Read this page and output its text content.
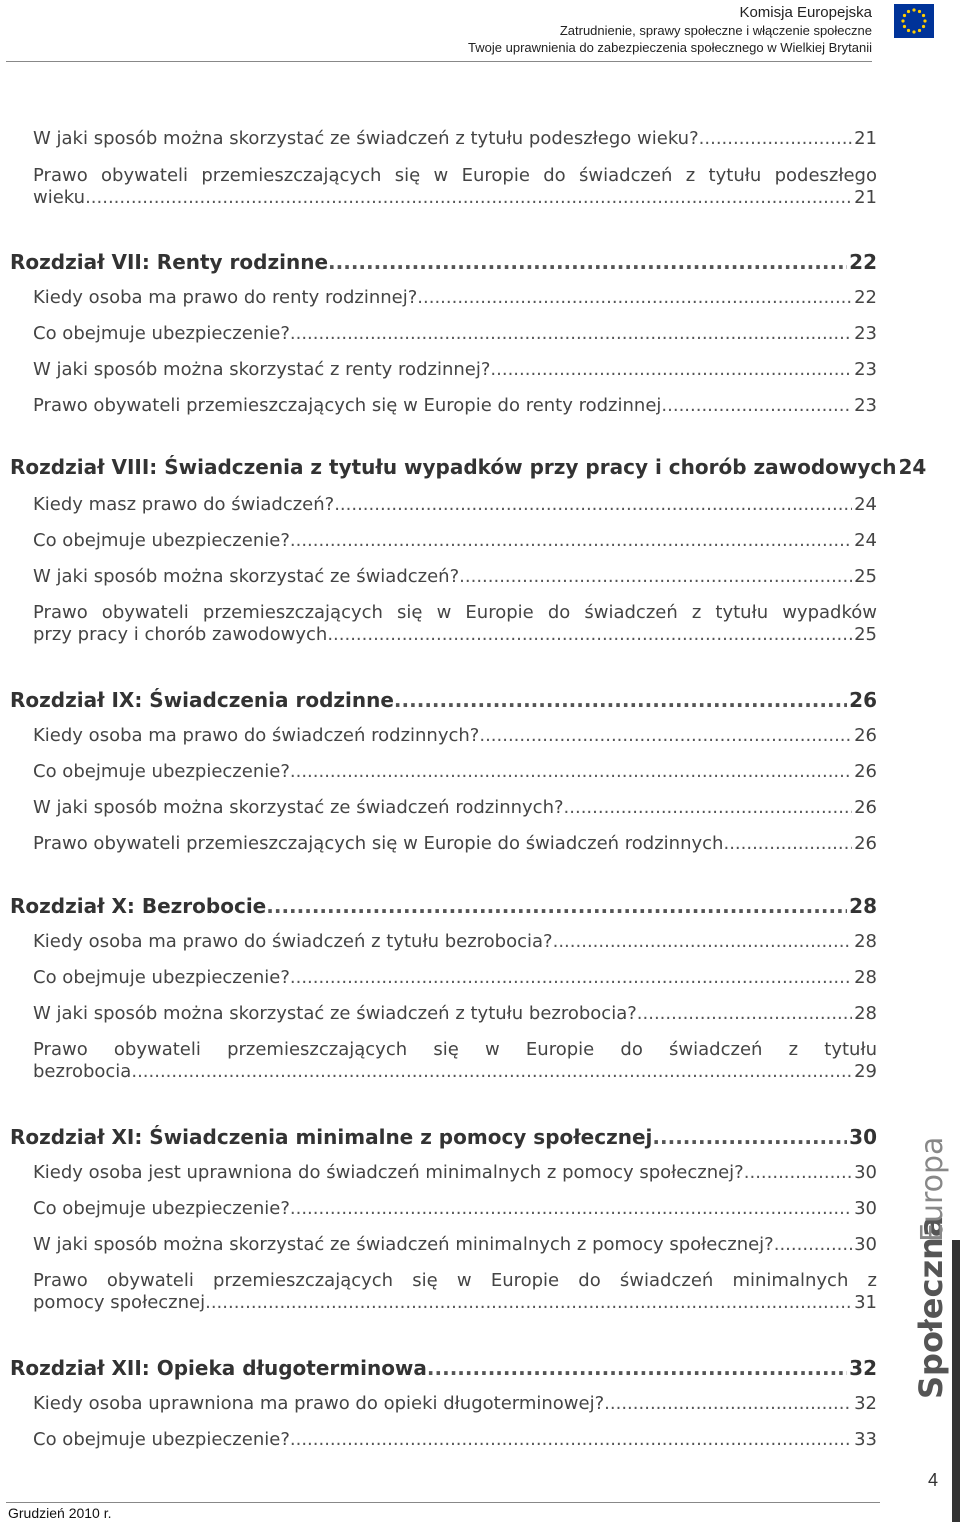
Komisja Europejska
Zatrudnienie, sprawy społeczne i włączenie społeczne
Twoje uprawnienia do zabezpieczenia społecznego w Wielkiej Brytanii
W jaki sposób można skorzystać ze świadczeń z tytułu podeszłego wieku? .....	21
Prawo obywateli przemieszczających się w Europie do świadczeń z tytułu podeszłego
wieku .....	21
Rozdział VII: Renty rodzinne .....	22
Kiedy osoba ma prawo do renty rodzinnej? .....	22
Co obejmuje ubezpieczenie? .....	23
W jaki sposób można skorzystać z renty rodzinnej? .....	23
Prawo obywateli przemieszczających się w Europie do renty rodzinnej .....	23
Rozdział VIII: Świadczenia z tytułu wypadków przy pracy i chorób zawodowych 24
Kiedy masz prawo do świadczeń? .....	24
Co obejmuje ubezpieczenie? .....	24
W jaki sposób można skorzystać ze świadczeń? .....	25
Prawo obywateli przemieszczających się w Europie do świadczeń z tytułu wypadków
przy pracy i chorób zawodowych .....	25
Rozdział IX: Świadczenia rodzinne .....	26
Kiedy osoba ma prawo do świadczeń rodzinnych? .....	26
Co obejmuje ubezpieczenie? .....	26
W jaki sposób można skorzystać ze świadczeń rodzinnych? .....	26
Prawo obywateli przemieszczających się w Europie do świadczeń rodzinnych .....	26
Rozdział X: Bezrobocie .....	28
Kiedy osoba ma prawo do świadczeń z tytułu bezrobocia? .....	28
Co obejmuje ubezpieczenie? .....	28
W jaki sposób można skorzystać ze świadczeń z tytułu bezrobocia? .....	28
Prawo obywateli przemieszczających się w Europie do świadczeń z tytułu
bezrobocia .....	29
Rozdział XI: Świadczenia minimalne z pomocy społecznej .....	30
Kiedy osoba jest uprawniona do świadczeń minimalnych z pomocy społecznej? .....	30
Co obejmuje ubezpieczenie? .....	30
W jaki sposób można skorzystać ze świadczeń minimalnych z pomocy społecznej? .....	30
Prawo obywateli przemieszczających się w Europie do świadczeń minimalnych z
pomocy społecznej .....	31
Rozdział XII: Opieka długoterminowa .....	32
Kiedy osoba uprawniona ma prawo do opieki długoterminowej? .....	32
Co obejmuje ubezpieczenie? .....	33
Społeczna
Europa
4
Grudzień 2010 r.
